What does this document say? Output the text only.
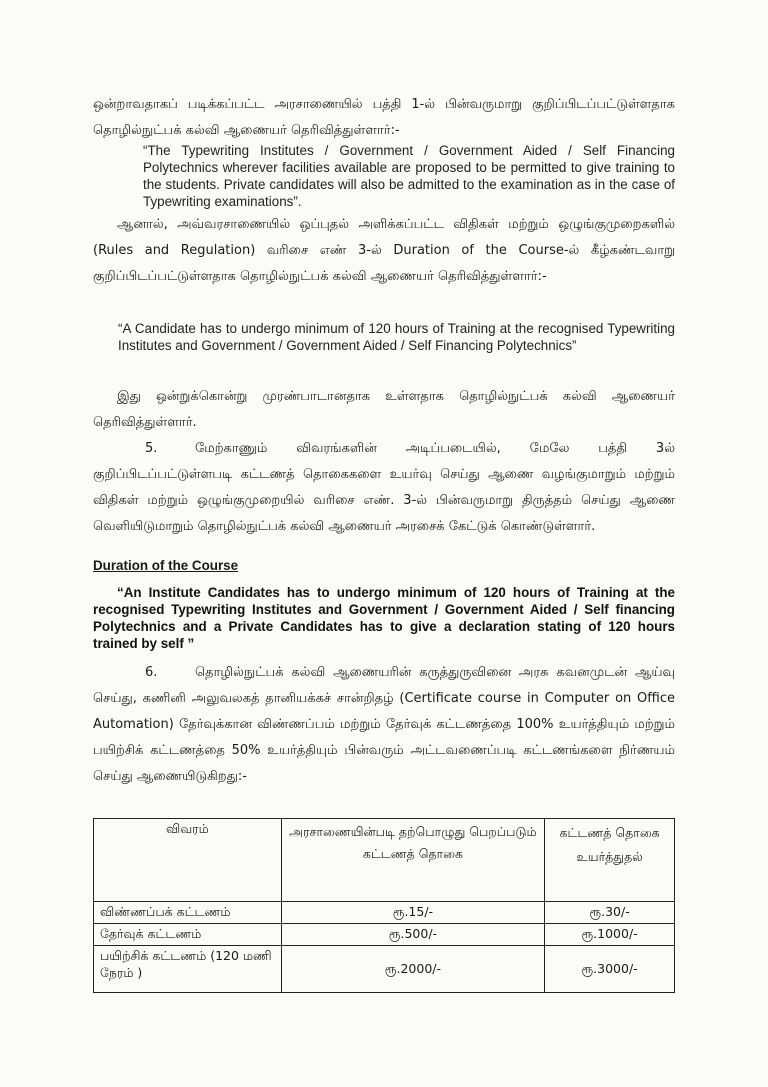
ஒன்றாவதாகப் படிக்கப்பட்ட அரசாணையில் பத்தி 1-ல் பின்வருமாறு குறிப்பிடப்பட்டுள்ளதாக தொழில்நுட்பக் கல்வி ஆணையர் தெரிவித்துள்ளார்:-

“The Typewriting Institutes / Government / Government Aided / Self Financing Polytechnics wherever facilities available are proposed to be permitted to give training to the students. Private candidates will also be admitted to the examination as in the case of Typewriting examinations”.

ஆனால், அவ்வரசாணையில் ஒப்புதல் அளிக்கப்பட்ட விதிகள் மற்றும் ஒழுங்குமுறைகளில் (Rules and Regulation) வரிசை எண் 3-ல் Duration of the Course-ல் கீழ்கண்டவாறு குறிப்பிடப்பட்டுள்ளதாக தொழில்நுட்பக் கல்வி ஆணையர் தெரிவித்துள்ளார்:-

“A Candidate has to undergo minimum of 120 hours of Training at the recognised Typewriting Institutes and Government / Government Aided / Self Financing Polytechnics”

இது ஒன்றுக்கொன்று முரண்பாடானதாக உள்ளதாக தொழில்நுட்பக் கல்வி ஆணையர் தெரிவித்துள்ளார்.

5.	மேற்காணும் விவரங்களின் அடிப்படையில், மேலே பத்தி 3ல் குறிப்பிடப்பட்டுள்ளபடி கட்டணத் தொகைகளை உயர்வு செய்து ஆணை வழங்குமாறும் மற்றும் விதிகள் மற்றும் ஒழுங்குமுறையில் வரிசை எண். 3-ல் பின்வருமாறு திருத்தம் செய்து ஆணை வெளியிடுமாறும் தொழில்நுட்பக் கல்வி ஆணையர் அரசைக் கேட்டுக் கொண்டுள்ளார்.
Duration of the Course

“An Institute Candidates has to undergo minimum of 120 hours of Training at the recognised Typewriting Institutes and Government / Government Aided / Self financing Polytechnics and a Private Candidates has to give a declaration stating of 120 hours trained by self ”

6.	தொழில்நுட்பக் கல்வி ஆணையரின் கருத்துருவினை அரசு கவனமுடன் ஆய்வு செய்து, கணினி அலுவலகத் தானியக்கச் சான்றிதழ் (Certificate course in Computer on Office Automation) தேர்வுக்கான விண்ணப்பம் மற்றும் தேர்வுக் கட்டணத்தை 100% உயர்த்தியும் மற்றும் பயிற்சிக் கட்டணத்தை 50% உயர்த்தியும் பின்வரும் அட்டவணைப்படி கட்டணங்களை நிர்ணயம் செய்து ஆணையிடுகிறது:-
விவரம்	அரசாணையின்படி தற்பொழுது பெறப்படும் கட்டணத் தொகை	கட்டணத் தொகை உயர்த்துதல்
விண்ணப்பக் கட்டணம்	ரூ.15/-	ரூ.30/-
தேர்வுக் கட்டணம்	ரூ.500/-	ரூ.1000/-
பயிற்சிக் கட்டணம் (120 மணி நேரம் )	ரூ.2000/-	ரூ.3000/-
